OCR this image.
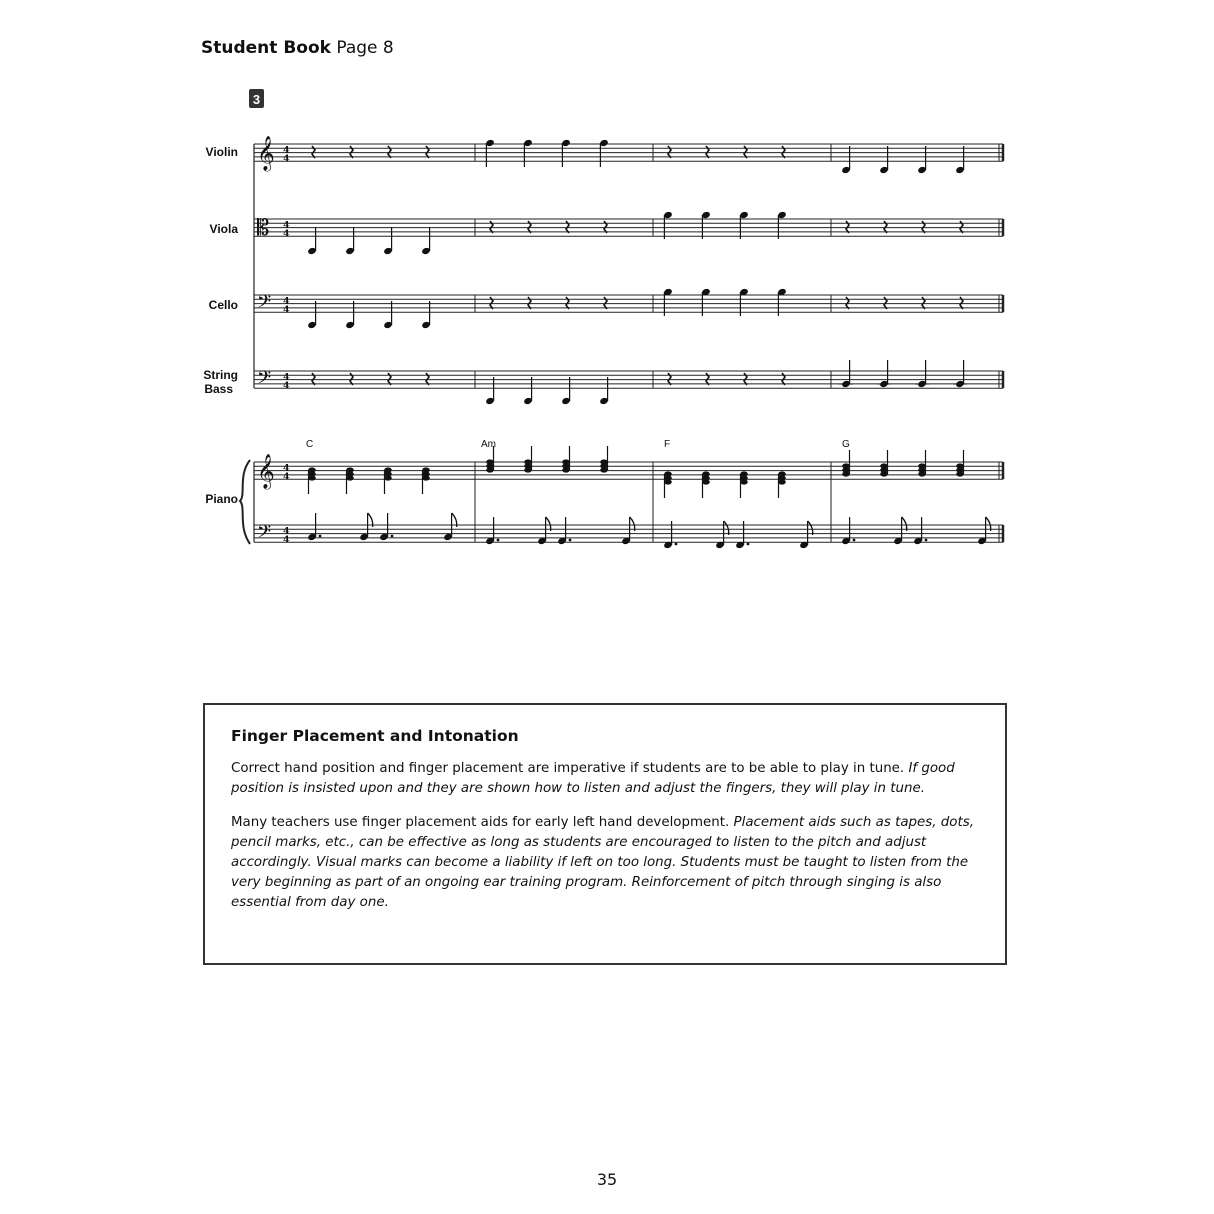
Student Book Page 8
3
Violin
Viola
Cello
String
Bass
Piano
C	Am	F	G
𝄞 4
4
𝄡 4
4
𝄢 4
4
𝄢 4
4
𝄞 4
4
𝄢 4
4
Finger Placement and Intonation

Correct hand position and finger placement are imperative if students are to be able to play in tune. If good position is insisted upon and they are shown how to listen and adjust the fingers, they will play in tune.

Many teachers use finger placement aids for early left hand development. Placement aids such as tapes, dots, pencil marks, etc., can be effective as long as students are encouraged to listen to the pitch and adjust accordingly. Visual marks can become a liability if left on too long. Students must be taught to listen from the very beginning as part of an ongoing ear training program. Reinforcement of pitch through singing is also essential from day one.

35
